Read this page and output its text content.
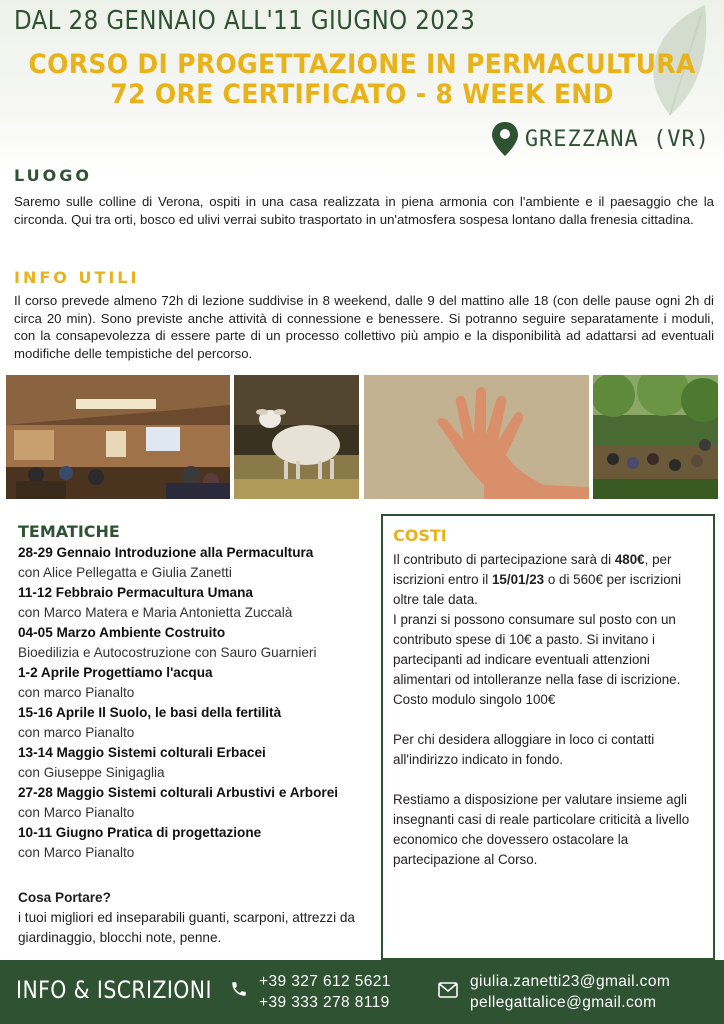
DAL 28 GENNAIO ALL'11 GIUGNO 2023
CORSO DI PROGETTAZIONE IN PERMACULTURA
72 ORE CERTIFICATO - 8 WEEK END
GREZZANA (VR)
LUOGO
Saremo sulle colline di Verona, ospiti in una casa realizzata in piena armonia con l'ambiente e il paesaggio che la circonda. Qui tra orti, bosco ed ulivi verrai subito trasportato in un'atmosfera sospesa lontano dalla frenesia cittadina.
INFO UTILI
Il corso prevede almeno 72h di lezione suddivise in 8 weekend, dalle 9 del mattino alle 18 (con delle pause ogni 2h di circa 20 min). Sono previste anche attività di connessione e benessere. Si potranno seguire separatamente i moduli, con la consapevolezza di essere parte di un processo collettivo più ampio e la disponibilità ad adattarsi ad eventuali modifiche delle tempistiche del percorso.
TEMATICHE
28-29 Gennaio Introduzione alla Permacultura
con Alice Pellegatta e Giulia Zanetti
11-12 Febbraio Permacultura Umana
con Marco Matera e Maria Antonietta Zuccalà
04-05 Marzo Ambiente Costruito
Bioedilizia e Autocostruzione con Sauro Guarnieri
1-2 Aprile Progettiamo l'acqua
con marco Pianalto
15-16 Aprile Il Suolo, le basi della fertilità
con marco Pianalto
13-14 Maggio Sistemi colturali Erbacei
con Giuseppe Sinigaglia
27-28 Maggio Sistemi colturali Arbustivi e Arborei
con Marco Pianalto
10-11 Giugno Pratica di progettazione
con Marco Pianalto
Cosa Portare?
i tuoi migliori ed inseparabili guanti, scarponi, attrezzi da giardinaggio, blocchi note, penne.
COSTI

Il contributo di partecipazione sarà di 480€, per iscrizioni entro il 15/01/23 o di 560€ per iscrizioni oltre tale data.
I pranzi si possono consumare sul posto con un contributo spese di 10€ a pasto. Si invitano i partecipanti ad indicare eventuali attenzioni alimentari od intolleranze nella fase di iscrizione.
Costo modulo singolo 100€

Per chi desidera alloggiare in loco ci contatti all'indirizzo indicato in fondo.

Restiamo a disposizione per valutare insieme agli insegnanti casi di reale particolare criticità a livello economico che dovessero ostacolare la partecipazione al Corso.

INFO & ISCRIZIONI	+39 327 612 5621
+39 333 278 8119
giulia.zanetti23@gmail.com
pellegattalice@gmail.com
